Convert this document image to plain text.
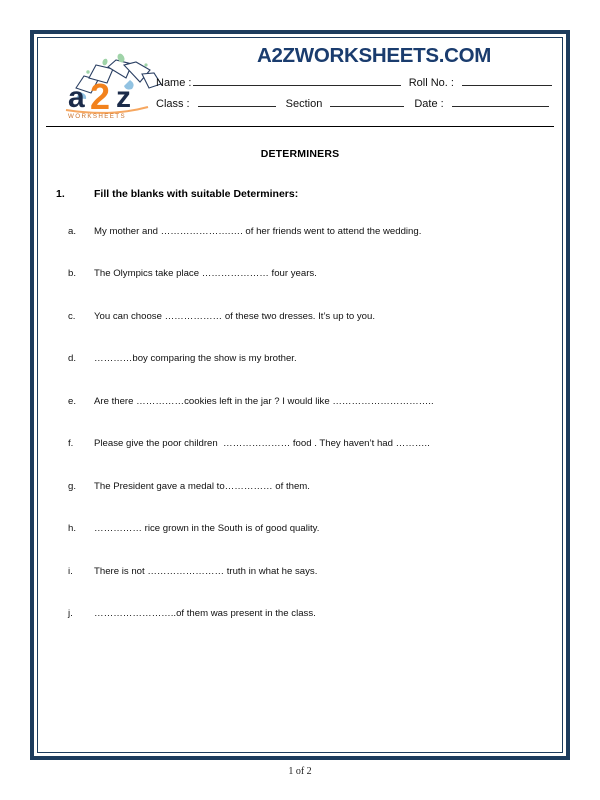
a 2 z
WORKSHEETS
A2ZWORKSHEETS.COM
Name :	Roll No. :
Class :	Section	Date :
DETERMINERS
1.	Fill the blanks with suitable Determiners:
a.	My mother and ………………….…. of her friends went to attend the wedding.
b.	The Olympics take place ………………… four years.
c.	You can choose ……………… of these two dresses. It’s up to you.
d.	…………boy comparing the show is my brother.
e.	Are there ……………cookies left in the jar ? I would like …………………………..
f.	Please give the poor children  ………………… food . They haven’t had ………..
g.	The President gave a medal to…………… of them.
h.	…………… rice grown in the South is of good quality.
i.	There is not …………………… truth in what he says.
j.	……………………..of them was present in the class.
1 of 2
